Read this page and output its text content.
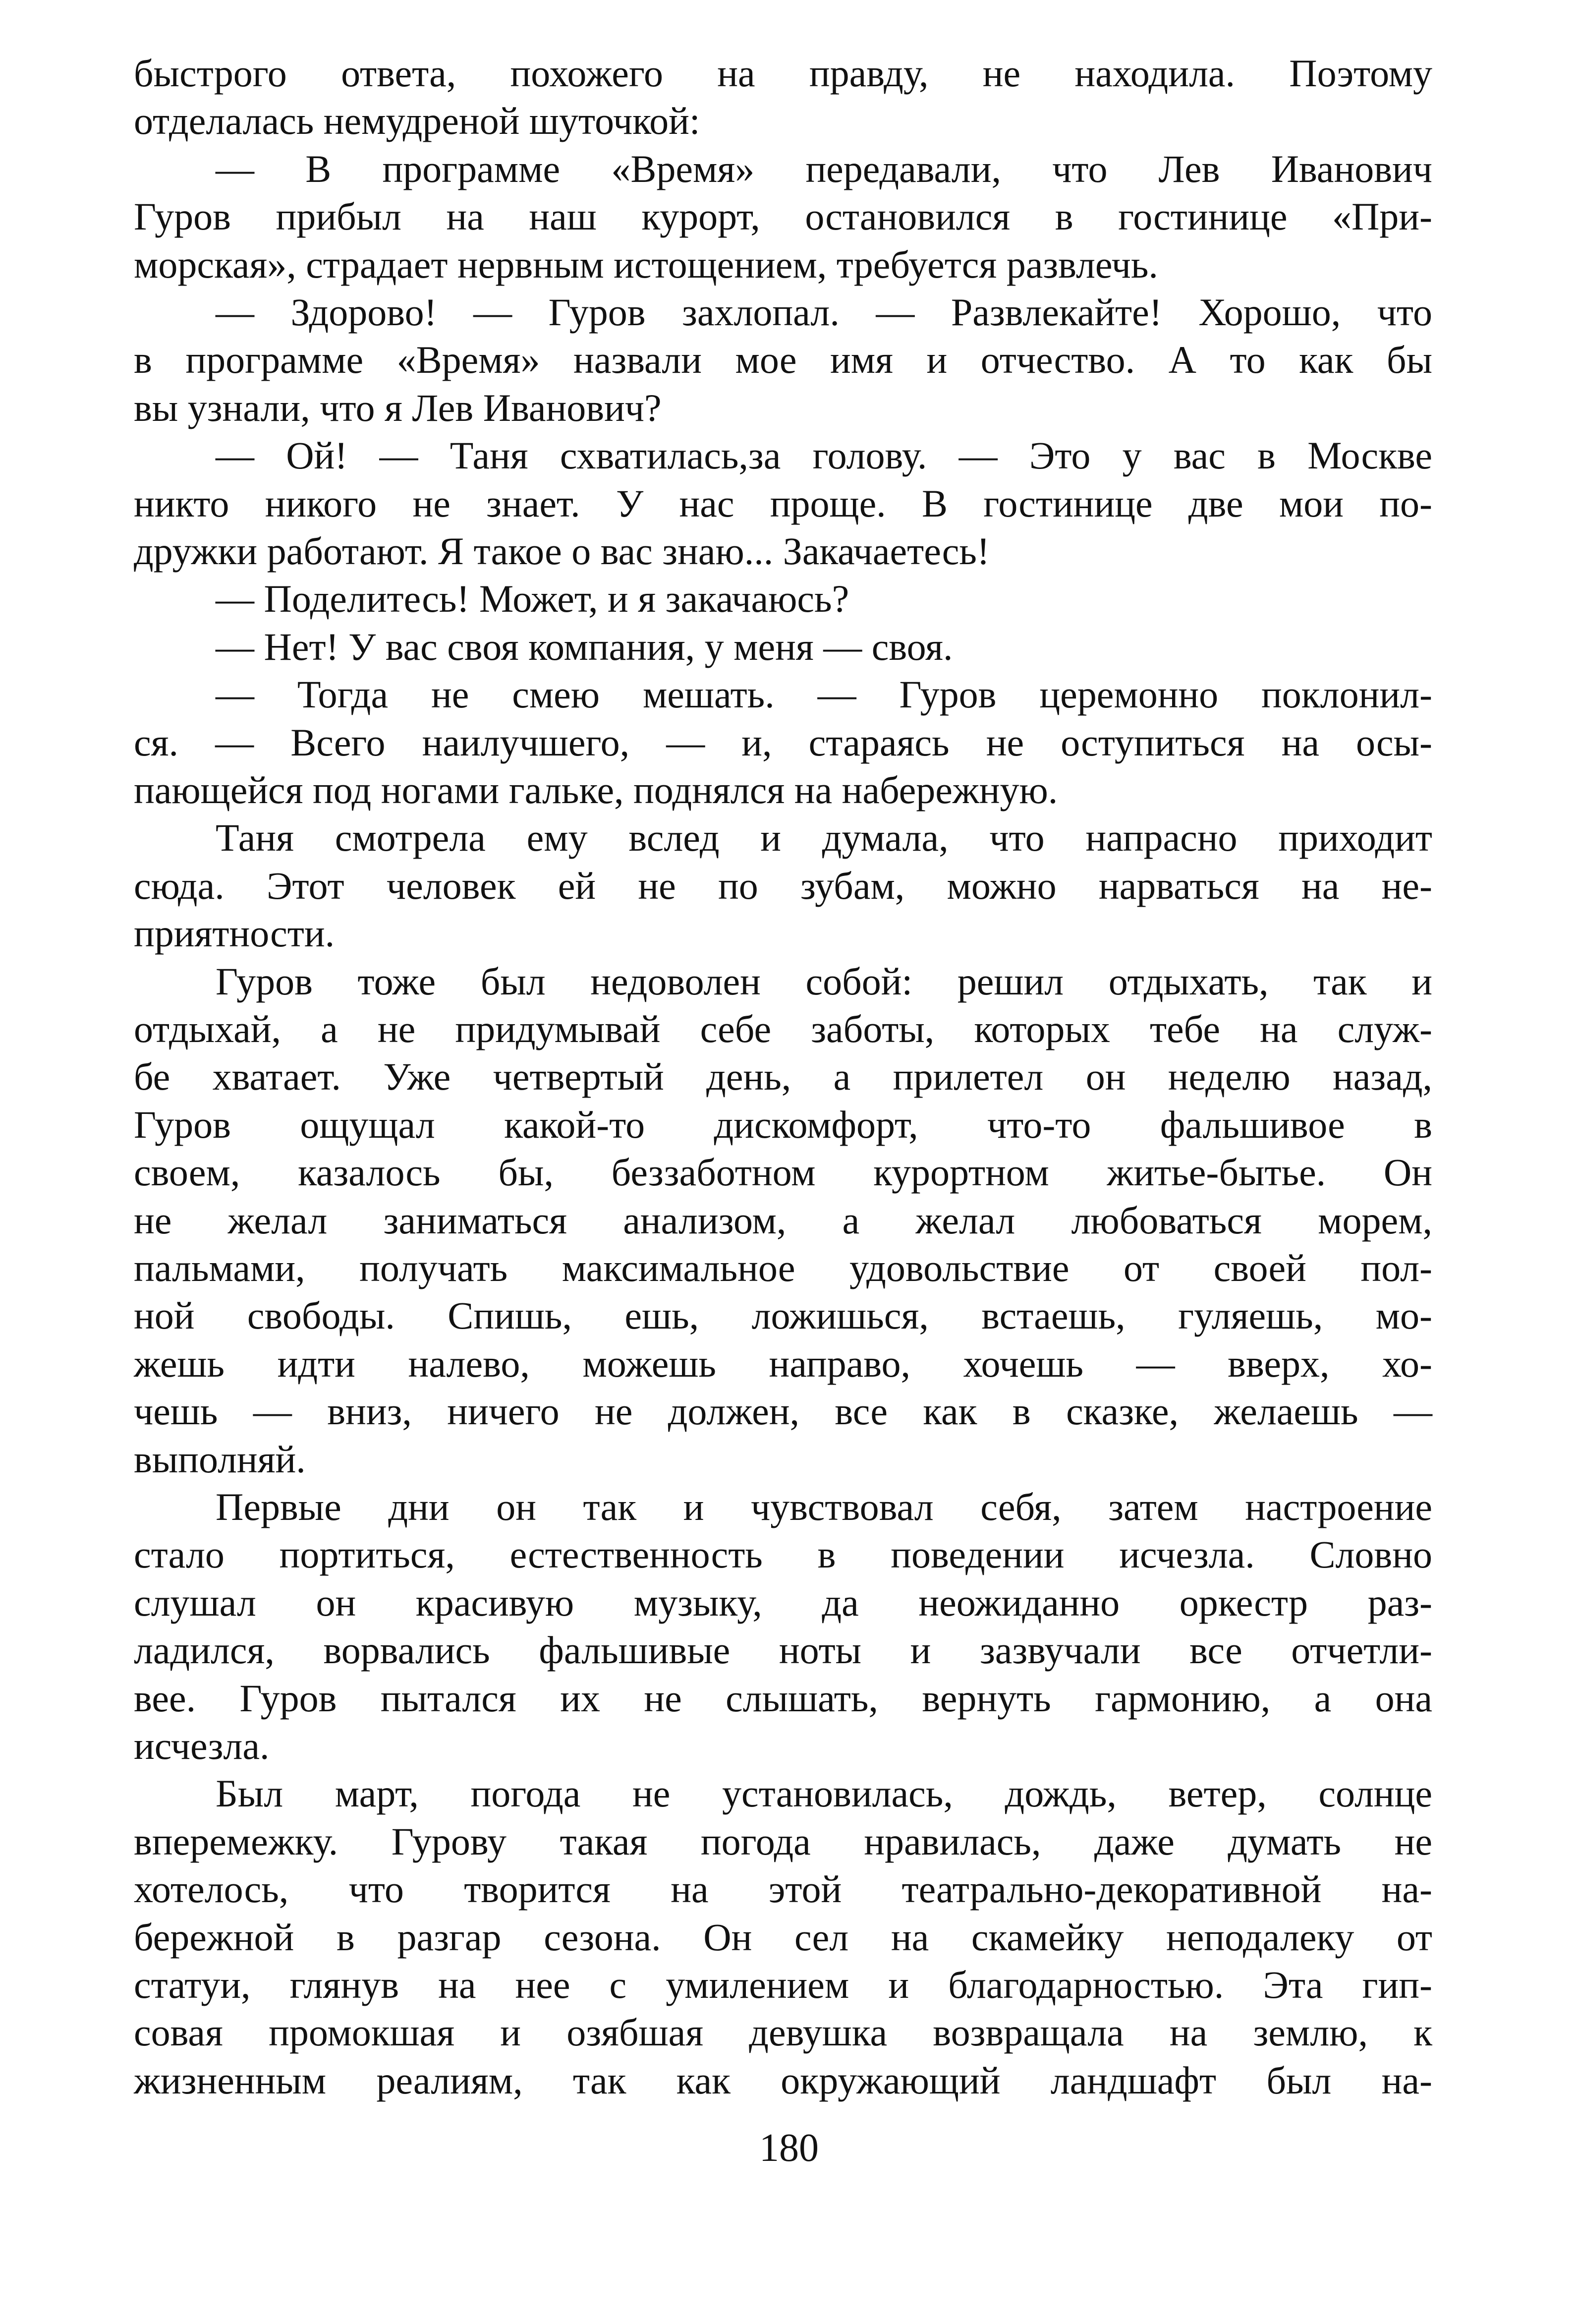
быстрого ответа, похожего на правду, не находила. Поэтому
отделалась немудреной шуточкой:
— В программе «Время» передавали, что Лев Иванович
Гуров прибыл на наш курорт, остановился в гостинице «При-
морская», страдает нервным истощением, требуется развлечь.
— Здорово! — Гуров захлопал. — Развлекайте! Хорошо, что
в программе «Время» назвали мое имя и отчество. А то как бы
вы узнали, что я Лев Иванович?
— Ой! — Таня схватилась,за голову. — Это у вас в Москве
никто никого не знает. У нас проще. В гостинице две мои по-
дружки работают. Я такое о вас знаю... Закачаетесь!
— Поделитесь! Может, и я закачаюсь?
— Нет! У вас своя компания, у меня — своя.
— Тогда не смею мешать. — Гуров церемонно поклонил-
ся. — Всего наилучшего, — и, стараясь не оступиться на осы-
пающейся под ногами гальке, поднялся на набережную.
Таня смотрела ему вслед и думала, что напрасно приходит
сюда. Этот человек ей не по зубам, можно нарваться на не-
приятности.
Гуров тоже был недоволен собой: решил отдыхать, так и
отдыхай, а не придумывай себе заботы, которых тебе на служ-
бе хватает. Уже четвертый день, а прилетел он неделю назад,
Гуров ощущал какой-то дискомфорт, что-то фальшивое в
своем, казалось бы, беззаботном курортном житье-бытье. Он
не желал заниматься анализом, а желал любоваться морем,
пальмами, получать максимальное удовольствие от своей пол-
ной свободы. Спишь, ешь, ложишься, встаешь, гуляешь, мо-
жешь идти налево, можешь направо, хочешь — вверх, хо-
чешь — вниз, ничего не должен, все как в сказке, желаешь —
выполняй.
Первые дни он так и чувствовал себя, затем настроение
стало портиться, естественность в поведении исчезла. Словно
слушал он красивую музыку, да неожиданно оркестр раз-
ладился, ворвались фальшивые ноты и зазвучали все отчетли-
вее. Гуров пытался их не слышать, вернуть гармонию, а она
исчезла.
Был март, погода не установилась, дождь, ветер, солнце
вперемежку. Гурову такая погода нравилась, даже думать не
хотелось, что творится на этой театрально-декоративной на-
бережной в разгар сезона. Он сел на скамейку неподалеку от
статуи, глянув на нее с умилением и благодарностью. Эта гип-
совая промокшая и озябшая девушка возвращала на землю, к
жизненным реалиям, так как окружающий ландшафт был на-
180
